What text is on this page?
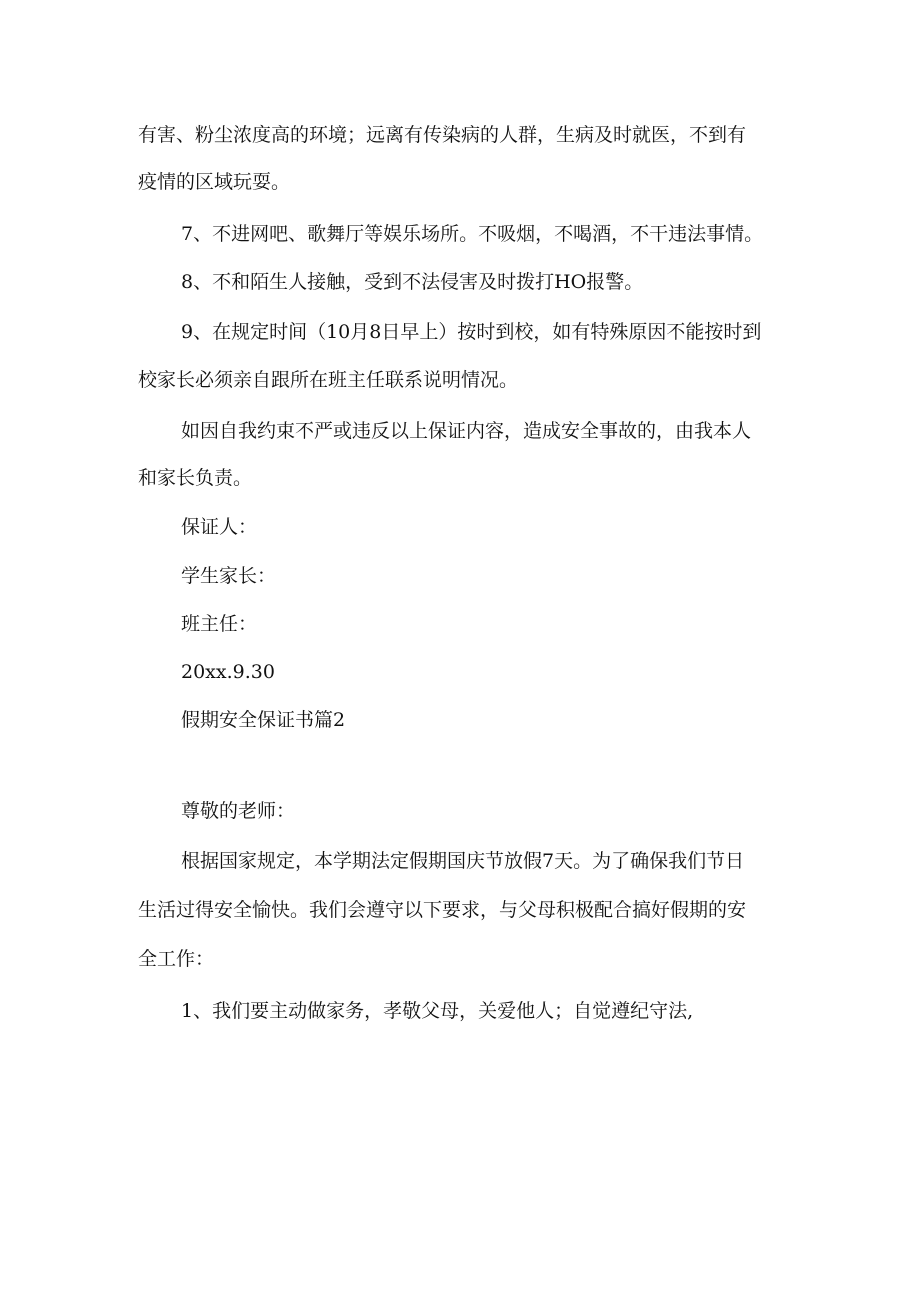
有害、粉尘浓度高的环境；远离有传染病的人群，生病及时就医，不到有
疫情的区域玩耍。
7、不进网吧、歌舞厅等娱乐场所。不吸烟，不喝酒，不干违法事情。
8、不和陌生人接触，受到不法侵害及时拨打HO报警。
9、在规定时间（10月8日早上）按时到校，如有特殊原因不能按时到
校家长必须亲自跟所在班主任联系说明情况。
如因自我约束不严或违反以上保证内容，造成安全事故的，由我本人
和家长负责。
保证人：
学生家长：
班主任：
20xx.9.30
假期安全保证书篇2
尊敬的老师：
根据国家规定，本学期法定假期国庆节放假7天。为了确保我们节日
生活过得安全愉快。我们会遵守以下要求，与父母积极配合搞好假期的安
全工作：
1、我们要主动做家务，孝敬父母，关爱他人；自觉遵纪守法,
